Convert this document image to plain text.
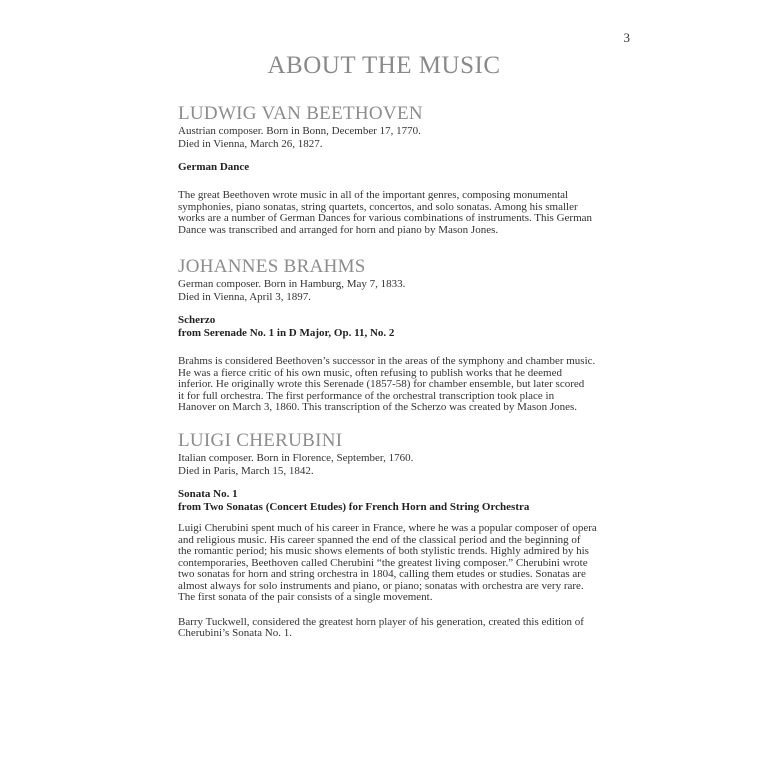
3
ABOUT THE MUSIC
LUDWIG VAN BEETHOVEN
Austrian composer. Born in Bonn, December 17, 1770.
Died in Vienna, March 26, 1827.
German Dance
The great Beethoven wrote music in all of the important genres, composing monumental
symphonies, piano sonatas, string quartets, concertos, and solo sonatas. Among his smaller
works are a number of German Dances for various combinations of instruments. This German
Dance was transcribed and arranged for horn and piano by Mason Jones.
JOHANNES BRAHMS
German composer. Born in Hamburg, May 7, 1833.
Died in Vienna, April 3, 1897.
Scherzo
from Serenade No. 1 in D Major, Op. 11, No. 2
Brahms is considered Beethoven’s successor in the areas of the symphony and chamber music.
He was a fierce critic of his own music, often refusing to publish works that he deemed
inferior. He originally wrote this Serenade (1857-58) for chamber ensemble, but later scored
it for full orchestra. The first performance of the orchestral transcription took place in
Hanover on March 3, 1860. This transcription of the Scherzo was created by Mason Jones.
LUIGI CHERUBINI
Italian composer. Born in Florence, September, 1760.
Died in Paris, March 15, 1842.
Sonata No. 1
from Two Sonatas (Concert Etudes) for French Horn and String Orchestra
Luigi Cherubini spent much of his career in France, where he was a popular composer of opera
and religious music. His career spanned the end of the classical period and the beginning of
the romantic period; his music shows elements of both stylistic trends. Highly admired by his
contemporaries, Beethoven called Cherubini “the greatest living composer.” Cherubini wrote
two sonatas for horn and string orchestra in 1804, calling them etudes or studies. Sonatas are
almost always for solo instruments and piano, or piano; sonatas with orchestra are very rare.
The first sonata of the pair consists of a single movement.
Barry Tuckwell, considered the greatest horn player of his generation, created this edition of
Cherubini’s Sonata No. 1.
